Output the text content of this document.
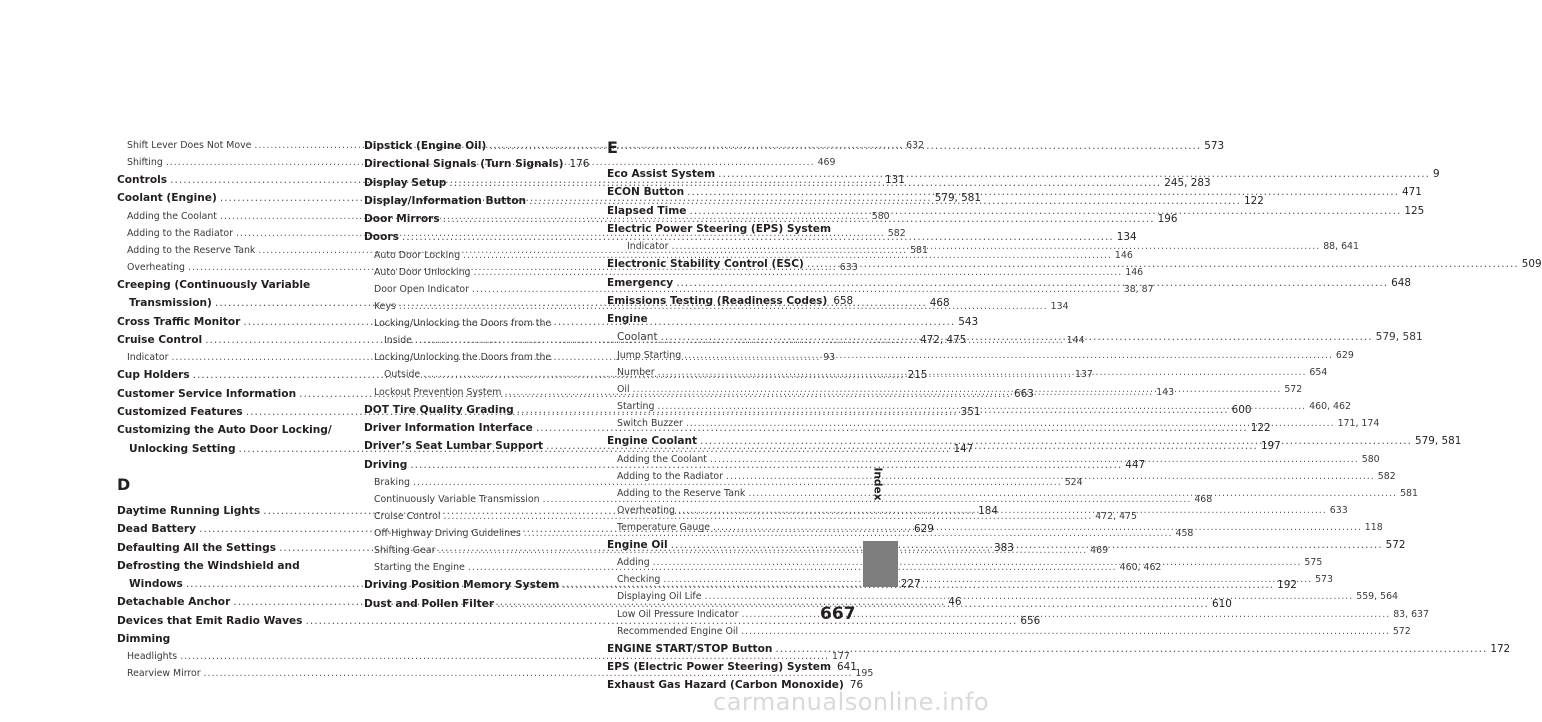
Shift Lever Does Not Move .....	632
Shifting .....	469
Controls .....	131
Coolant (Engine) .....	579, 581
Adding the Coolant .....	580
Adding to the Radiator .....	582
Adding to the Reserve Tank .....	581
Overheating .....	633
Creeping (Continuously Variable
Transmission) .....	468
Cross Traffic Monitor .....	543
Cruise Control .....	472, 475
Indicator .....	93
Cup Holders .....	215
Customer Service Information .....	663
Customized Features .....	351
Customizing the Auto Door Locking/
Unlocking Setting .....	147
D
Daytime Running Lights .....	184
Dead Battery .....	629
Defaulting All the Settings .....	383
Defrosting the Windshield and
Windows .....	227
Detachable Anchor .....	46
Devices that Emit Radio Waves .....	656
Dimming
Headlights .....	177
Rearview Mirror .....	195
Dipstick (Engine Oil) .....	573
Directional Signals (Turn Signals) 176
Display Setup .....	245, 283
Display/Information Button .....	122
Door Mirrors .....	196
Doors .....	134
Auto Door Locking .....	146
Auto Door Unlocking .....	146
Door Open Indicator .....	38, 87
Keys .....	134
Locking/Unlocking the Doors from the
Inside .....	144
Locking/Unlocking the Doors from the
Outside .....	137
Lockout Prevention System .....	143
DOT Tire Quality Grading .....	600
Driver Information Interface .....	122
Driver’s Seat Lumbar Support .....	197
Driving .....	447
Braking .....	524
Continuously Variable Transmission .....	468
Cruise Control .....	472, 475
Off-Highway Driving Guidelines .....	458
Shifting Gear .....	469
Starting the Engine .....	460, 462
Driving Position Memory System .....	192
Dust and Pollen Filter .....	610
E
Eco Assist System .....	9
ECON Button .....	471
Elapsed Time .....	125
Electric Power Steering (EPS) System
Indicator .....	88, 641
Electronic Stability Control (ESC) .....	509
Emergency .....	648
Emissions Testing (Readiness Codes) 658
Engine
Coolant .....	579, 581
Jump Starting .....	629
Number .....	654
Oil .....	572
Starting .....	460, 462
Switch Buzzer .....	171, 174
Engine Coolant .....	579, 581
Adding the Coolant .....	580
Adding to the Radiator .....	582
Adding to the Reserve Tank .....	581
Overheating .....	633
Temperature Gauge .....	118
Engine Oil .....	572
Adding .....	575
Checking .....	573
Displaying Oil Life .....	559, 564
Low Oil Pressure Indicator .....	83, 637
Recommended Engine Oil .....	572
ENGINE START/STOP Button .....	172
EPS (Electric Power Steering) System 641
Exhaust Gas Hazard (Carbon Monoxide) 76
Index
667
carmanualsonline.info
